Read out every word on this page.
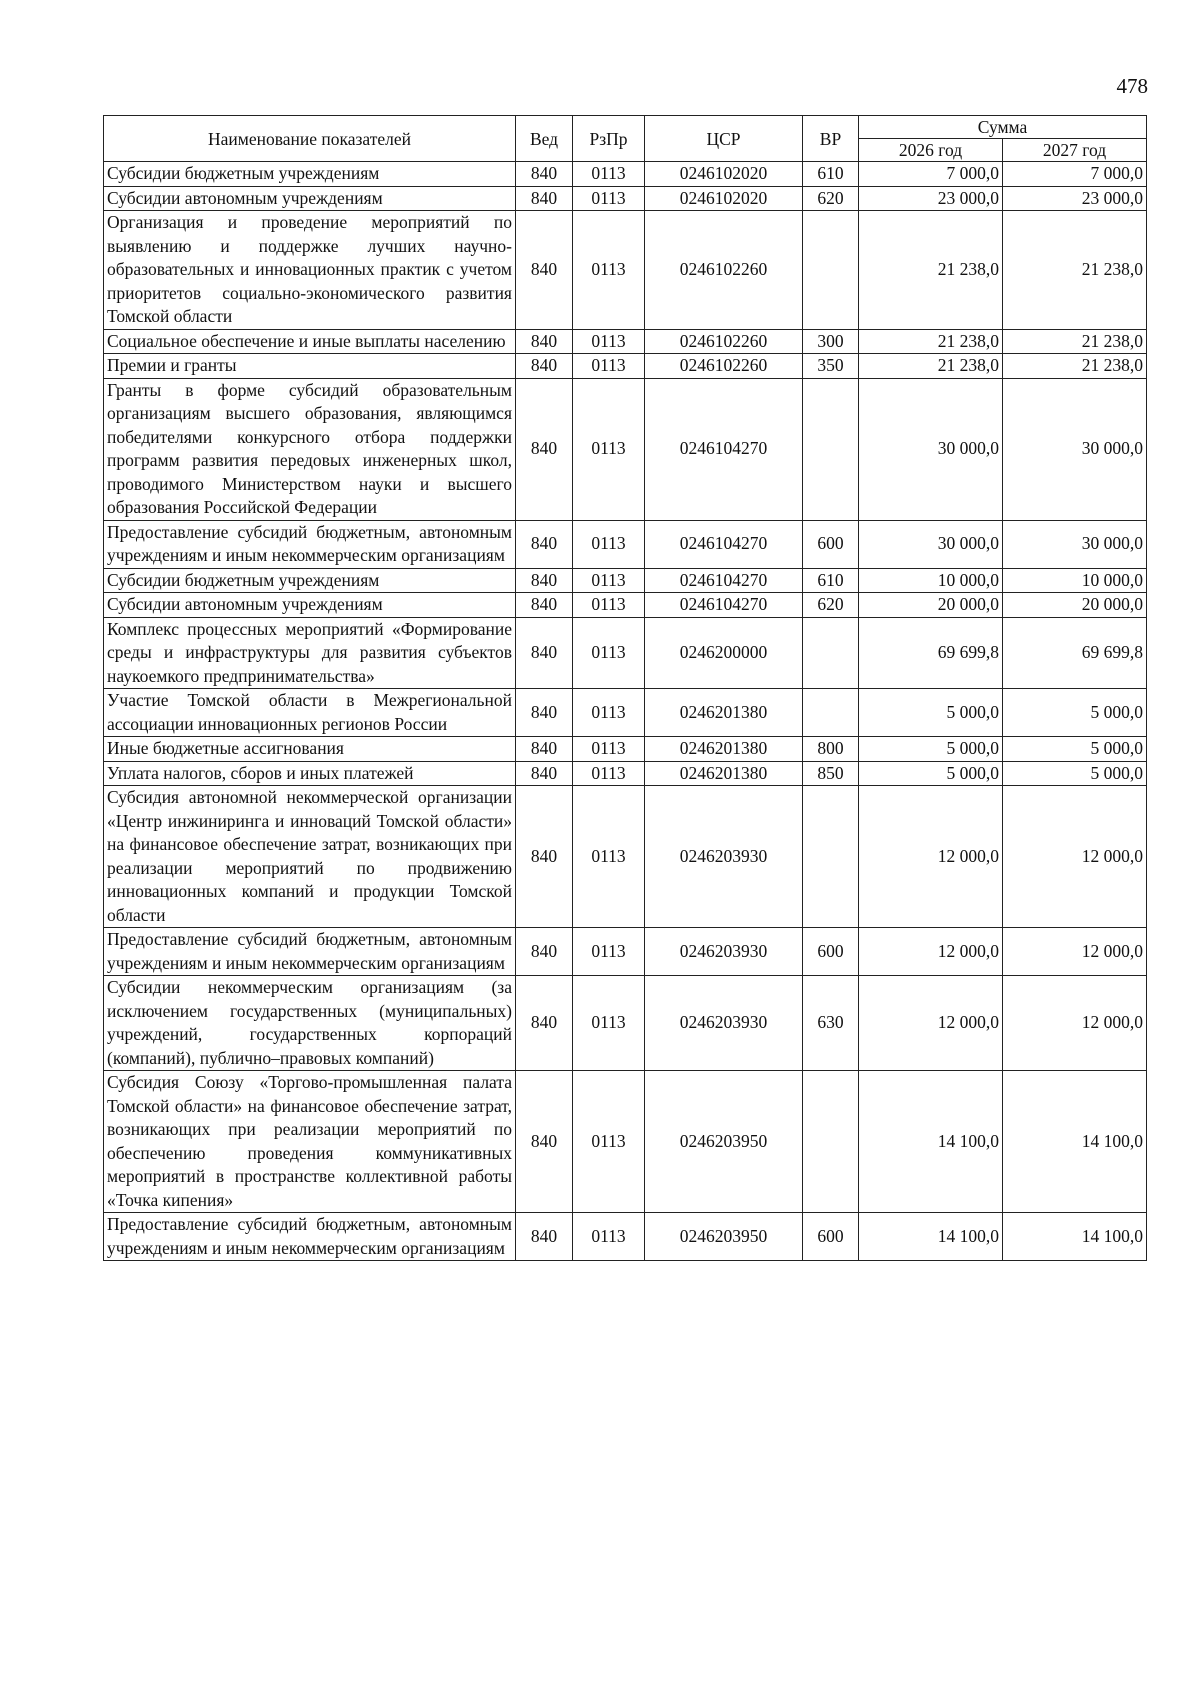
478
Наименование показателей	Вед	РзПр	ЦСР	ВР	Сумма	
					2026 год	2027 год
Субсидии бюджетным учреждениям	840	0113	0246102020	610	7 000,0	7 000,0
Субсидии автономным учреждениям	840	0113	0246102020	620	23 000,0	23 000,0
Организация и проведение мероприятий по выявлению и поддержке лучших научно-образовательных и инновационных практик с учетом приоритетов социально-экономического развития Томской области	840	0113	0246102260		21 238,0	21 238,0
Социальное обеспечение и иные выплаты населению	840	0113	0246102260	300	21 238,0	21 238,0
Премии и гранты	840	0113	0246102260	350	21 238,0	21 238,0
Гранты в форме субсидий образовательным организациям высшего образования, являющимся победителями конкурсного отбора поддержки программ развития передовых инженерных школ, проводимого Министерством науки и высшего образования Российской Федерации	840	0113	0246104270		30 000,0	30 000,0
Предоставление субсидий бюджетным, автономным учреждениям и иным некоммерческим организациям	840	0113	0246104270	600	30 000,0	30 000,0
Субсидии бюджетным учреждениям	840	0113	0246104270	610	10 000,0	10 000,0
Субсидии автономным учреждениям	840	0113	0246104270	620	20 000,0	20 000,0
Комплекс процессных мероприятий «Формирование среды и инфраструктуры для развития субъектов наукоемкого предпринимательства»	840	0113	0246200000		69 699,8	69 699,8
Участие Томской области в Межрегиональной ассоциации инновационных регионов России	840	0113	0246201380		5 000,0	5 000,0
Иные бюджетные ассигнования	840	0113	0246201380	800	5 000,0	5 000,0
Уплата налогов, сборов и иных платежей	840	0113	0246201380	850	5 000,0	5 000,0
Субсидия автономной некоммерческой организации «Центр инжиниринга и инноваций Томской области» на финансовое обеспечение затрат, возникающих при реализации мероприятий по продвижению инновационных компаний и продукции Томской области	840	0113	0246203930		12 000,0	12 000,0
Предоставление субсидий бюджетным, автономным учреждениям и иным некоммерческим организациям	840	0113	0246203930	600	12 000,0	12 000,0
Субсидии некоммерческим организациям (за исключением государственных (муниципальных) учреждений, государственных корпораций (компаний), публично–правовых компаний)	840	0113	0246203930	630	12 000,0	12 000,0
Субсидия Союзу «Торгово-промышленная палата Томской области» на финансовое обеспечение затрат, возникающих при реализации мероприятий по обеспечению проведения коммуникативных мероприятий в пространстве коллективной работы «Точка кипения»	840	0113	0246203950		14 100,0	14 100,0
Предоставление субсидий бюджетным, автономным учреждениям и иным некоммерческим организациям	840	0113	0246203950	600	14 100,0	14 100,0
